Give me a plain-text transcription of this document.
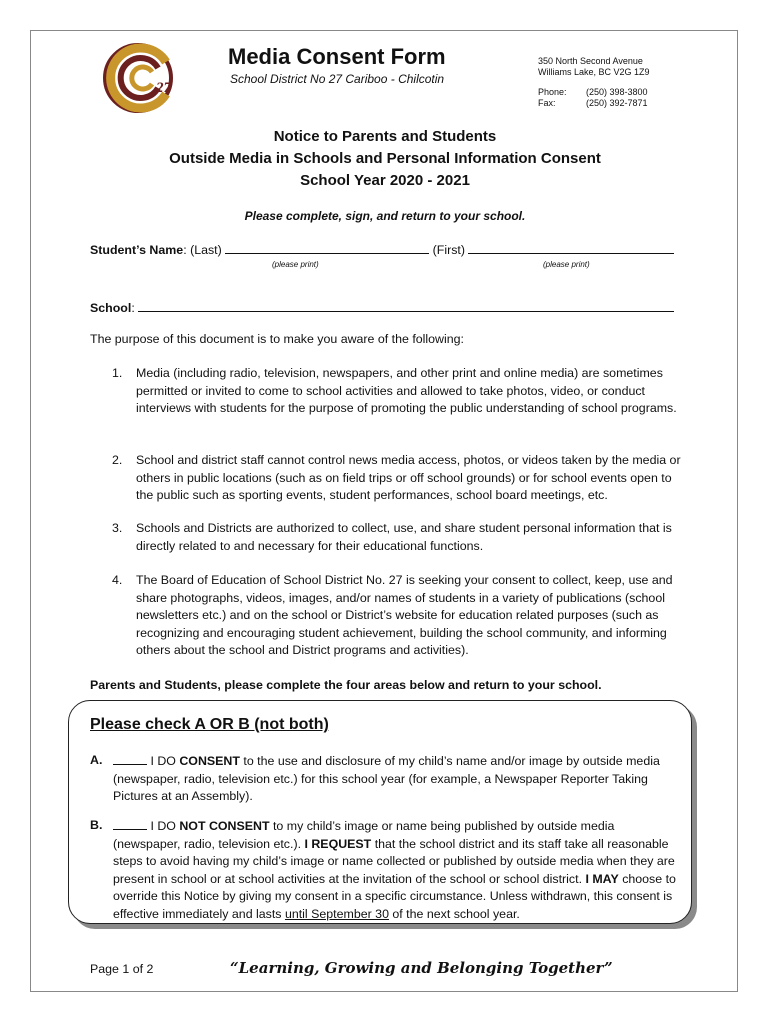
27
Media Consent Form
School District No 27 Cariboo - Chilcotin
350 North Second Avenue
Williams Lake, BC V2G 1Z9
Phone: (250) 398-3800
Fax:	(250) 392-7871
Notice to Parents and Students
Outside Media in Schools and Personal Information Consent
School Year 2020 - 2021
Please complete, sign, and return to your school.
Student’s Name: (Last)	(First)
(please print)	(please print)
School:
The purpose of this document is to make you aware of the following:
1. Media (including radio, television, newspapers, and other print and online media) are sometimes permitted or invited to come to school activities and allowed to take photos, video, or conduct interviews with students for the purpose of promoting the public understanding of school programs.
2. School and district staff cannot control news media access, photos, or videos taken by the media or others in public locations (such as on field trips or off school grounds) or for school events open to the public such as sporting events, student performances, school board meetings, etc.
3. Schools and Districts are authorized to collect, use, and share student personal information that is directly related to and necessary for their educational functions.
4. The Board of Education of School District No. 27 is seeking your consent to collect, keep, use and share photographs, videos, images, and/or names of students in a variety of publications (school newsletters etc.) and on the school or District’s website for education related purposes (such as recognizing and encouraging student achievement, building the school community, and informing others about the school and District programs and activities).
Parents and Students, please complete the four areas below and return to your school.
Please check A OR B (not both)
A.	I DO CONSENT to the use and disclosure of my child’s name and/or image by outside media (newspaper, radio, television etc.) for this school year (for example, a Newspaper Reporter Taking Pictures at an Assembly).
B.	I DO NOT CONSENT to my child’s image or name being published by outside media (newspaper, radio, television etc.). I REQUEST that the school district and its staff take all reasonable steps to avoid having my child’s image or name collected or published by outside media when they are present in school or at school activities at the invitation of the school or school district. I MAY choose to override this Notice by giving my consent in a specific circumstance. Unless withdrawn, this consent is effective immediately and lasts until September 30 of the next school year.
Page 1 of 2	“Learning, Growing and Belonging Together”
